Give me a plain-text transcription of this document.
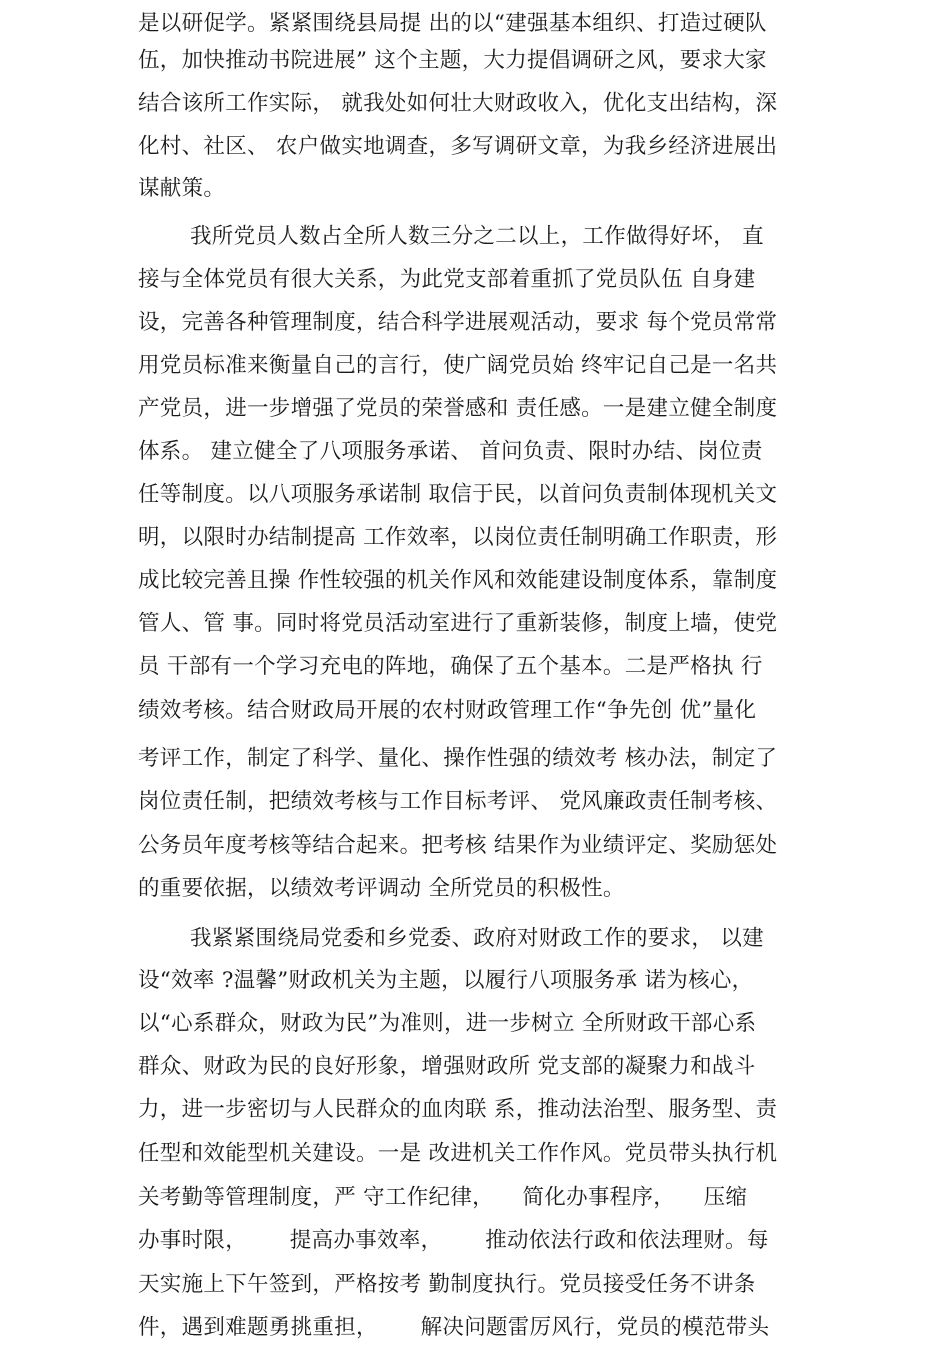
是以研促学。紧紧围绕县局提 出的以“建强基本组织、打造过硬队
伍，加快推动书院进展” 这个主题，大力提倡调研之风，要求大家
结合该所工作实际， 就我处如何壮大财政收入，优化支出结构，深
化村、社区、 农户做实地调查，多写调研文章，为我乡经济进展出
谋献策。
我所党员人数占全所人数三分之二以上，工作做得好坏， 直
接与全体党员有很大关系，为此党支部着重抓了党员队伍 自身建
设，完善各种管理制度，结合科学进展观活动，要求 每个党员常常
用党员标准来衡量自己的言行，使广阔党员始 终牢记自己是一名共
产党员，进一步增强了党员的荣誉感和 责任感。一是建立健全制度
体系。 建立健全了八项服务承诺、 首问负责、限时办结、岗位责
任等制度。以八项服务承诺制 取信于民，以首问负责制体现机关文
明，以限时办结制提高 工作效率，以岗位责任制明确工作职责，形
成比较完善且操 作性较强的机关作风和效能建设制度体系，靠制度
管人、管 事。同时将党员活动室进行了重新装修，制度上墙，使党
员 干部有一个学习充电的阵地，确保了五个基本。二是严格执 行
绩效考核。结合财政局开展的农村财政管理工作“争先创 优”量化
考评工作，制定了科学、量化、操作性强的绩效考 核办法，制定了
岗位责任制，把绩效考核与工作目标考评、 党风廉政责任制考核、
公务员年度考核等结合起来。把考核 结果作为业绩评定、奖励惩处
的重要依据，以绩效考评调动 全所党员的积极性。
我紧紧围绕局党委和乡党委、政府对财政工作的要求， 以建
设“效率 ?温馨”财政机关为主题，以履行八项服务承 诺为核心，
以“心系群众，财政为民”为准则，进一步树立 全所财政干部心系
群众、财政为民的良好形象，增强财政所 党支部的凝聚力和战斗
力，进一步密切与人民群众的血肉联 系，推动法治型、服务型、责
任型和效能型机关建设。一是 改进机关工作作风。党员带头执行机
关考勤等管理制度，严 守工作纪律，    简化办事程序，    压缩
办事时限，      提高办事效率，      推动依法行政和依法理财。每
天实施上下午签到，严格按考 勤制度执行。党员接受任务不讲条
件，遇到难题勇挑重担，      解决问题雷厉风行，党员的模范带头
